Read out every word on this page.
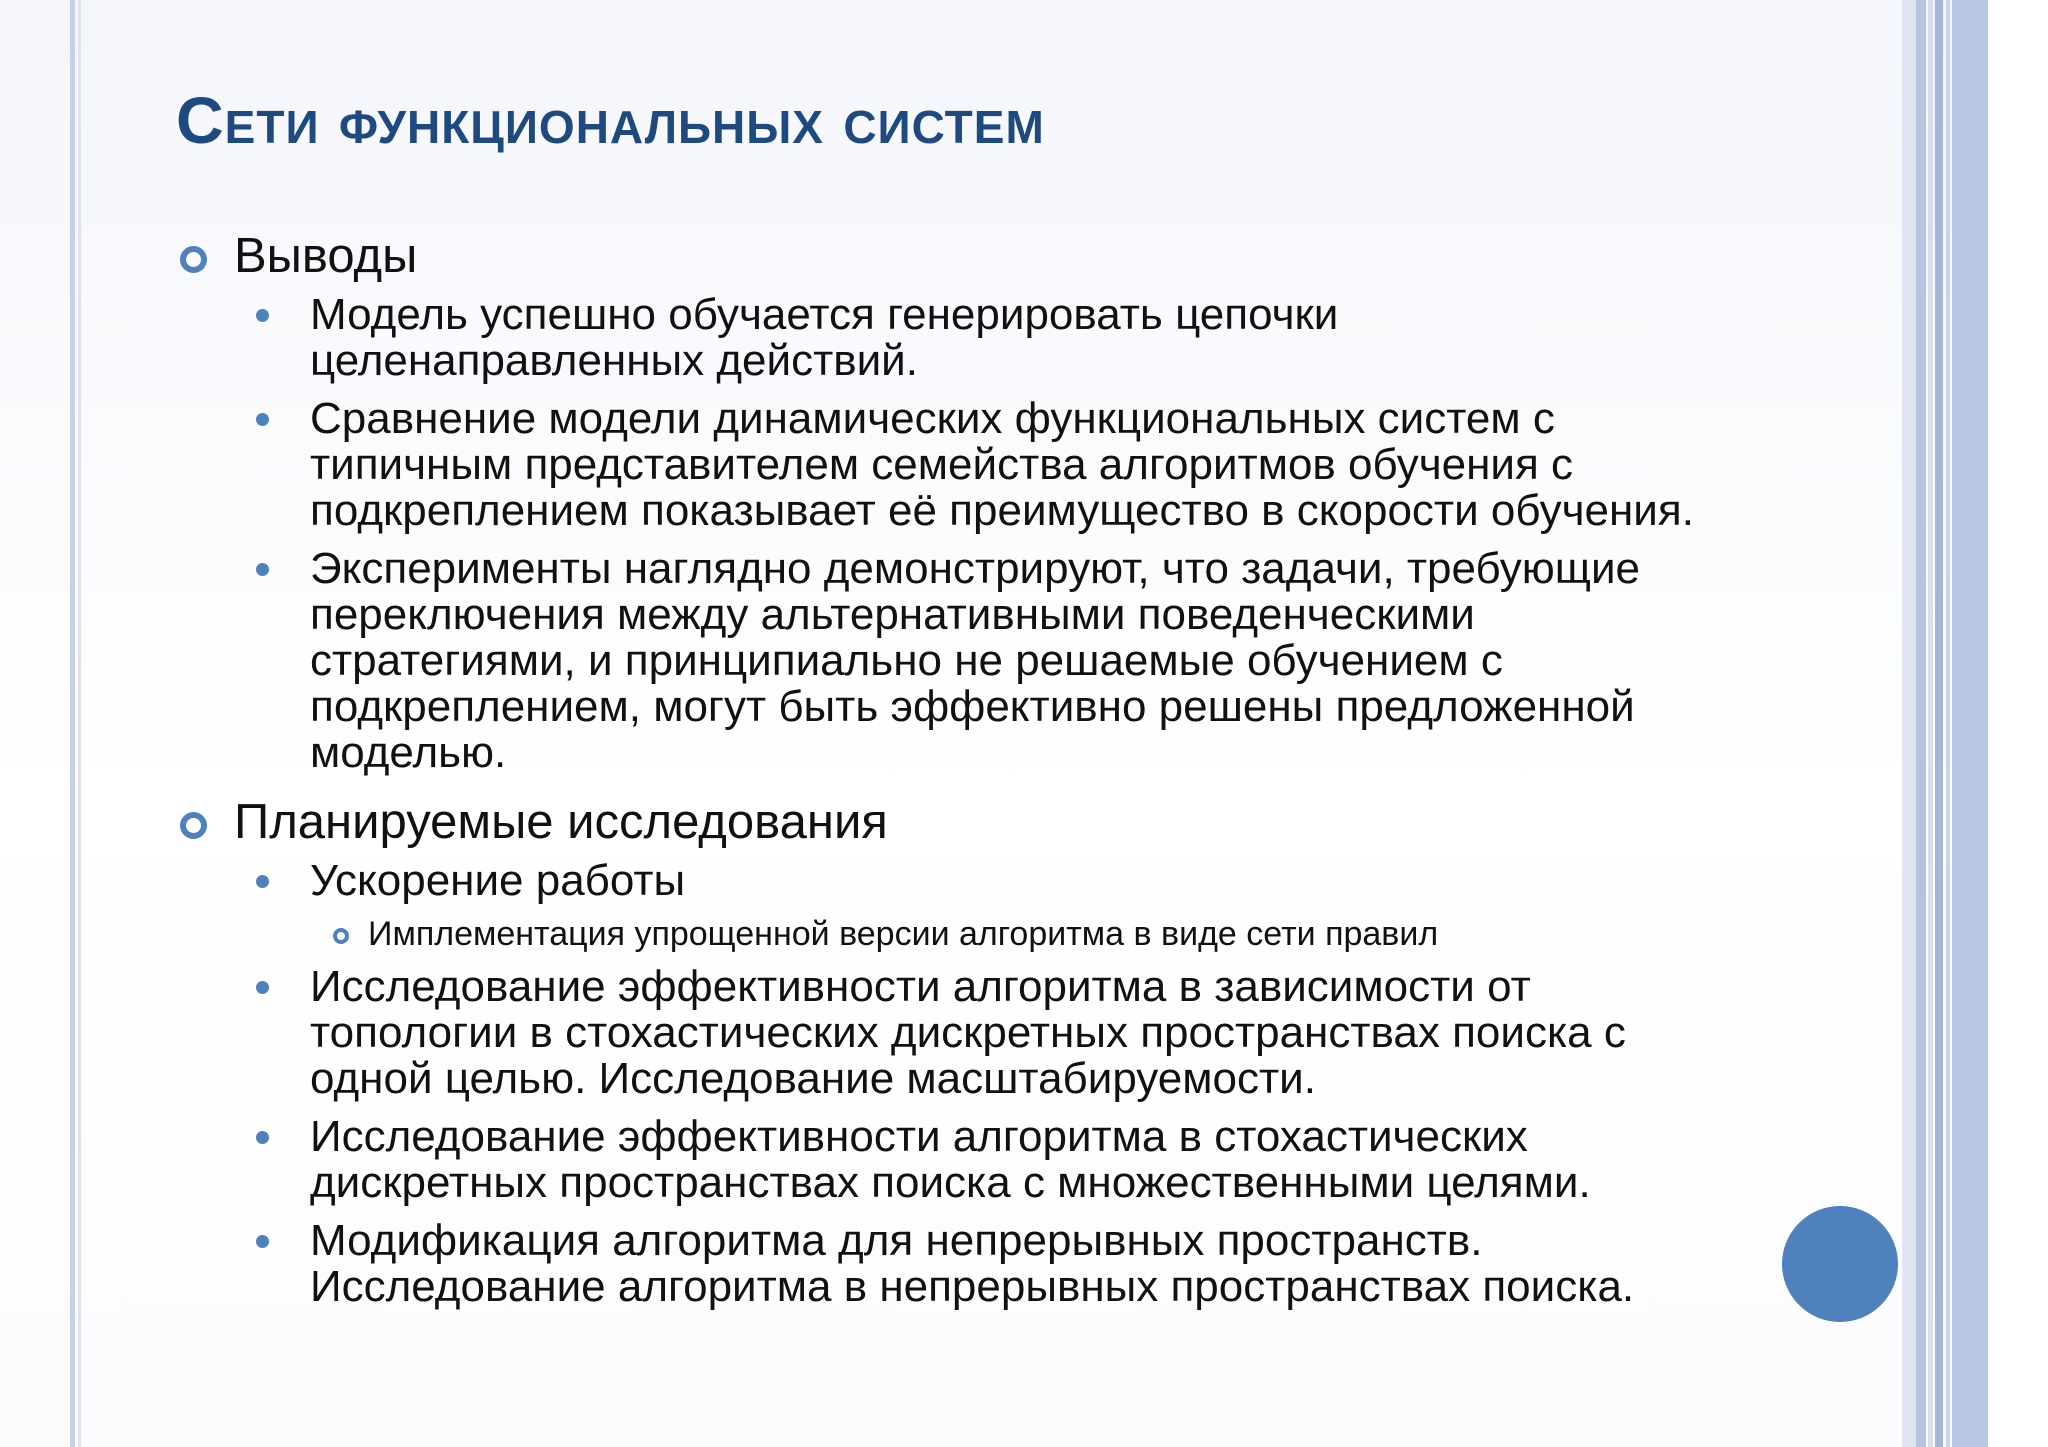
Сети функциональных систем
Выводы
Модель успешно обучается генерировать цепочки
целенаправленных действий.
Сравнение модели динамических функциональных систем с
типичным представителем семейства алгоритмов обучения с
подкреплением показывает её преимущество в скорости обучения.
Эксперименты наглядно демонстрируют, что задачи, требующие
переключения между альтернативными поведенческими
стратегиями, и принципиально не решаемые обучением с
подкреплением, могут быть эффективно решены предложенной
моделью.
Планируемые исследования
Ускорение работы
Имплементация упрощенной версии алгоритма в виде сети правил
Исследование эффективности алгоритма в зависимости от
топологии в стохастических дискретных пространствах поиска с
одной целью. Исследование масштабируемости.
Исследование эффективности алгоритма в стохастических
дискретных пространствах поиска с множественными целями.
Модификация алгоритма для непрерывных пространств.
Исследование алгоритма в непрерывных пространствах поиска.
